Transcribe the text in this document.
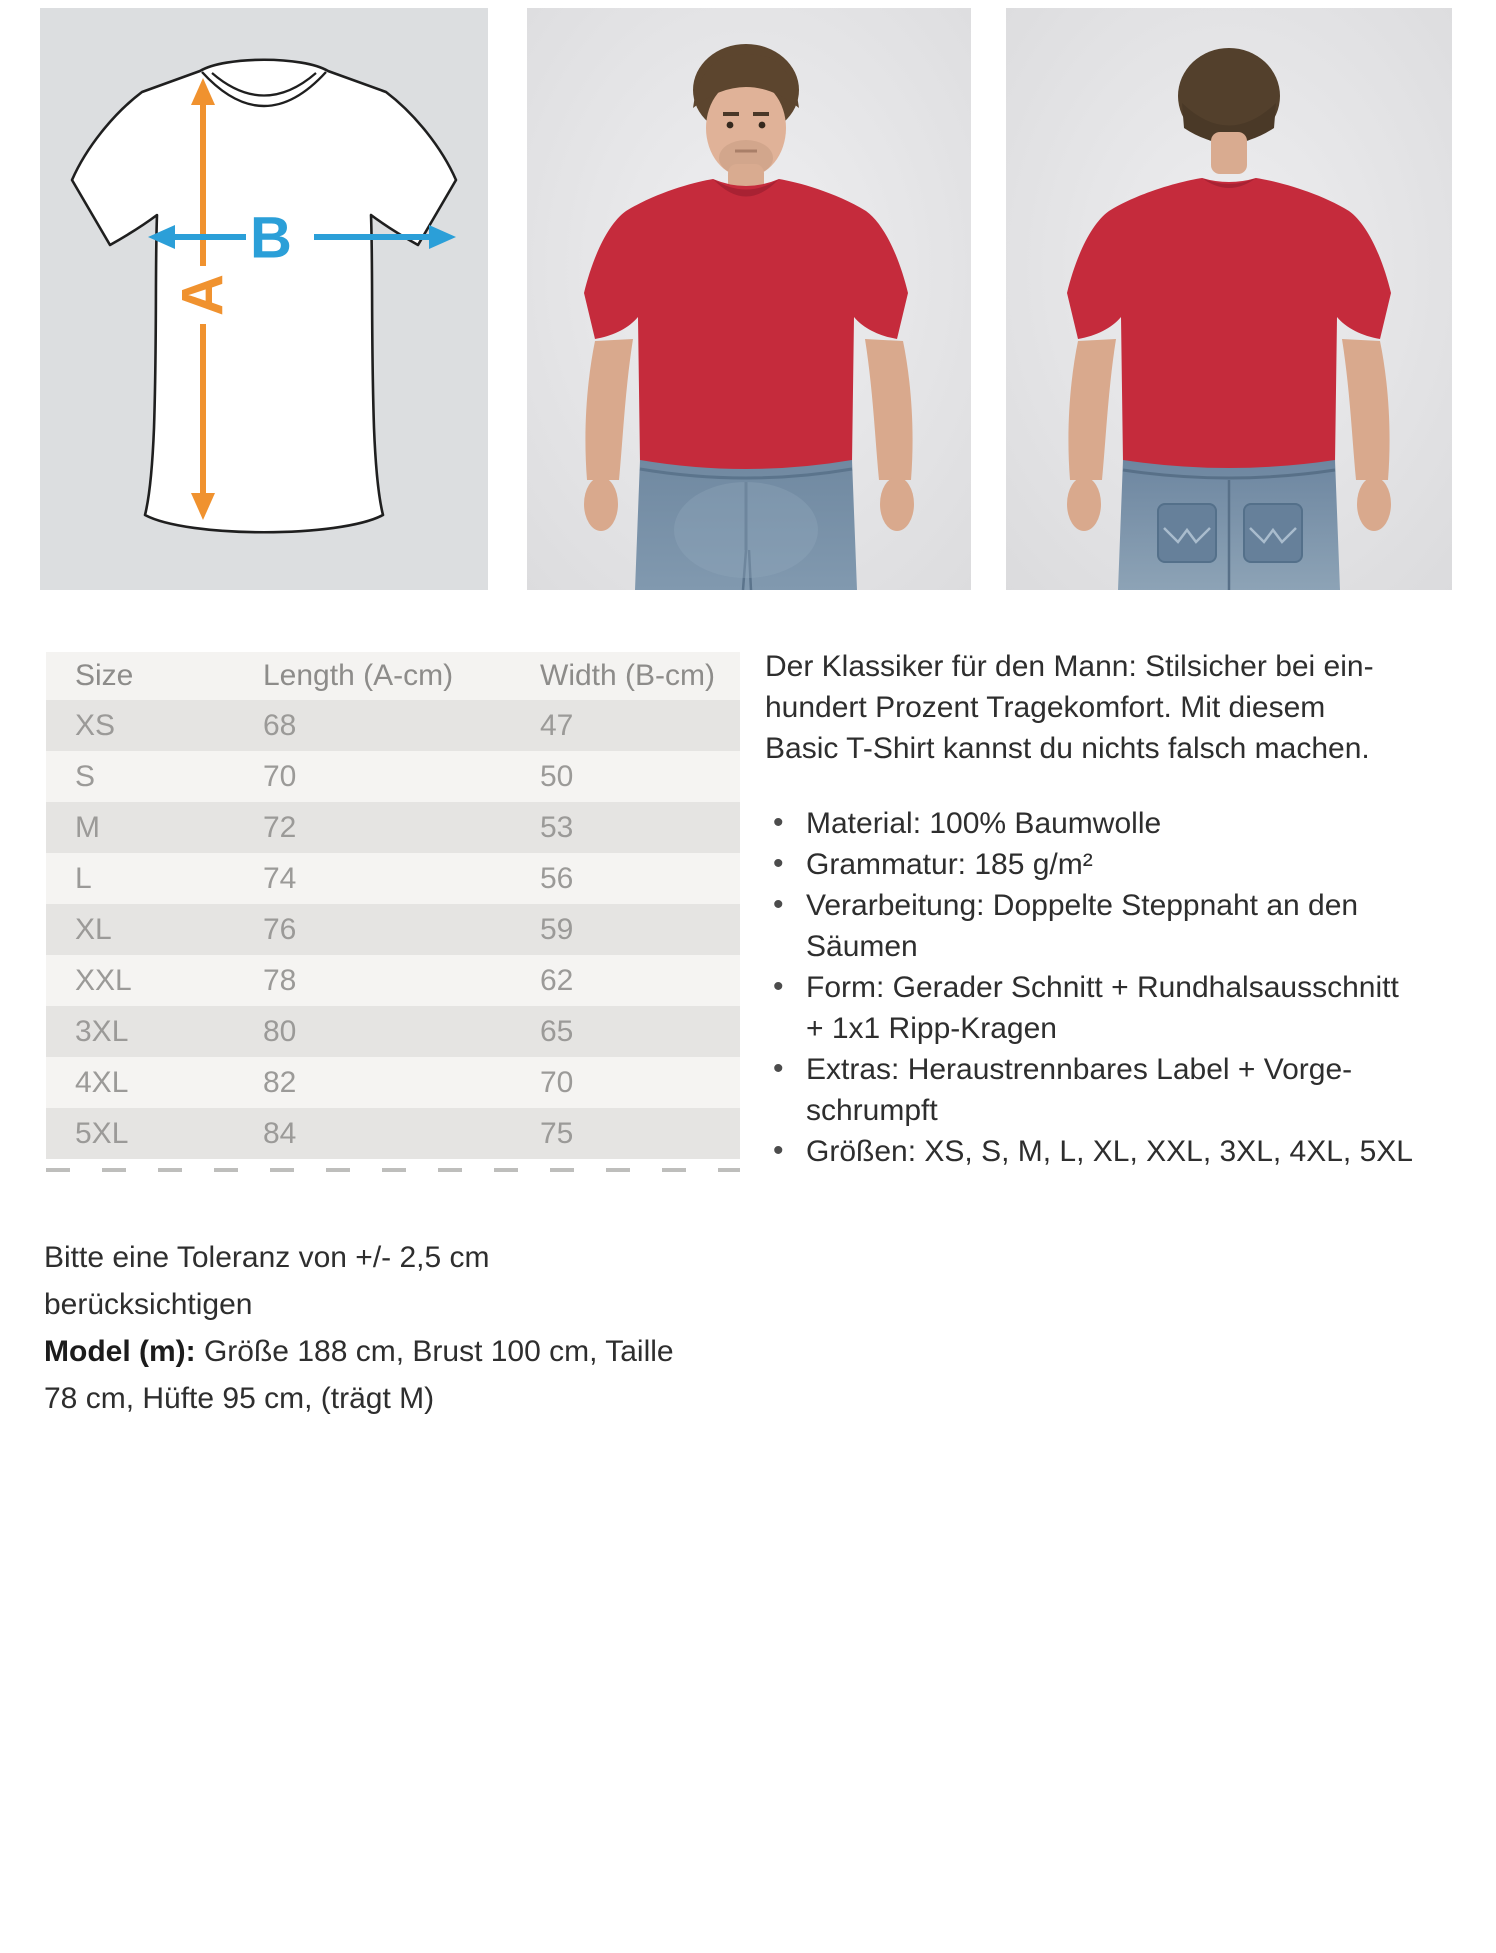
A
B
Size	Length (A-cm)	Width (B-cm)
XS	68	47
S	70	50
M	72	53
L	74	56
XL	76	59
XXL	78	62
3XL	80	65
4XL	82	70
5XL	84	75
Der Klassiker für den Mann: Stilsicher bei ein-
hundert Prozent Tragekomfort. Mit diesem
Basic T-Shirt kannst du nichts falsch machen.
• Material: 100% Baumwolle
• Grammatur: 185 g/m²
• Verarbeitung: Doppelte Steppnaht an den
Säumen
• Form: Gerader Schnitt + Rundhalsausschnitt
+ 1x1 Ripp-Kragen
• Extras: Heraustrennbares Label + Vorge-
schrumpft
• Größen: XS, S, M, L, XL, XXL, 3XL, 4XL, 5XL
Bitte eine Toleranz von +/- 2,5 cm berücksichtigen
Model (m): Größe 188 cm, Brust 100 cm, Taille
78 cm, Hüfte 95 cm, (trägt M)
